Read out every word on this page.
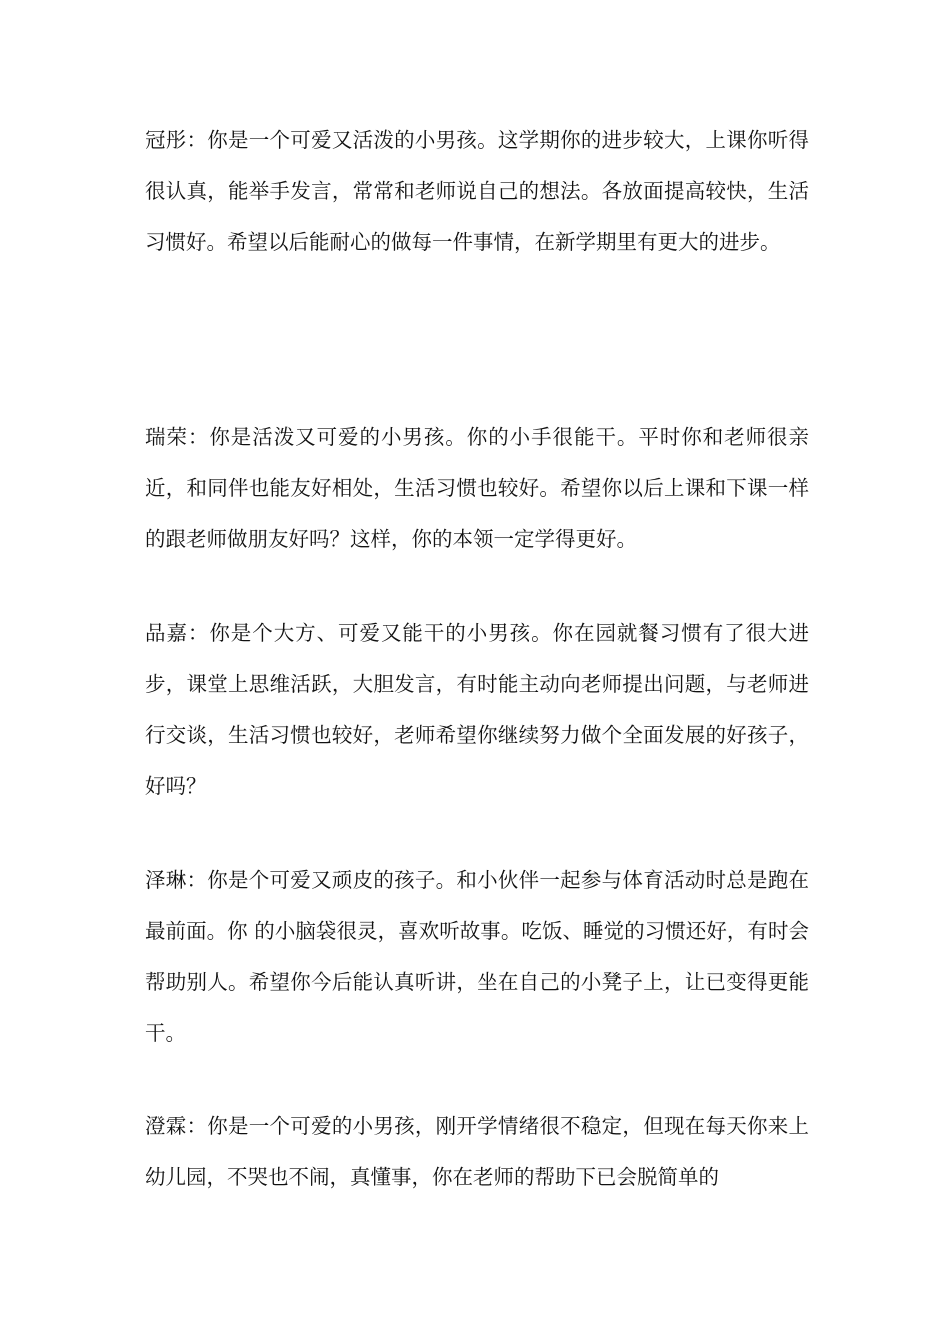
冠彤：你是一个可爱又活泼的小男孩。这学期你的进步较大，上课你听得很认真，能举手发言，常常和老师说自己的想法。各放面提高较快，生活习惯好。希望以后能耐心的做每一件事情，在新学期里有更大的进步。

瑞荣：你是活泼又可爱的小男孩。你的小手很能干。平时你和老师很亲近，和同伴也能友好相处，生活习惯也较好。希望你以后上课和下课一样的跟老师做朋友好吗？这样，你的本领一定学得更好。

品嘉：你是个大方、可爱又能干的小男孩。你在园就餐习惯有了很大进步，课堂上思维活跃，大胆发言，有时能主动向老师提出问题，与老师进行交谈，生活习惯也较好，老师希望你继续努力做个全面发展的好孩子，好吗？

泽琳：你是个可爱又顽皮的孩子。和小伙伴一起参与体育活动时总是跑在最前面。你 的小脑袋很灵，喜欢听故事。吃饭、睡觉的习惯还好，有时会帮助别人。希望你今后能认真听讲，坐在自己的小凳子上，让已变得更能干。

澄霖：你是一个可爱的小男孩，刚开学情绪很不稳定，但现在每天你来上幼儿园，不哭也不闹，真懂事，你在老师的帮助下已会脱简单的
